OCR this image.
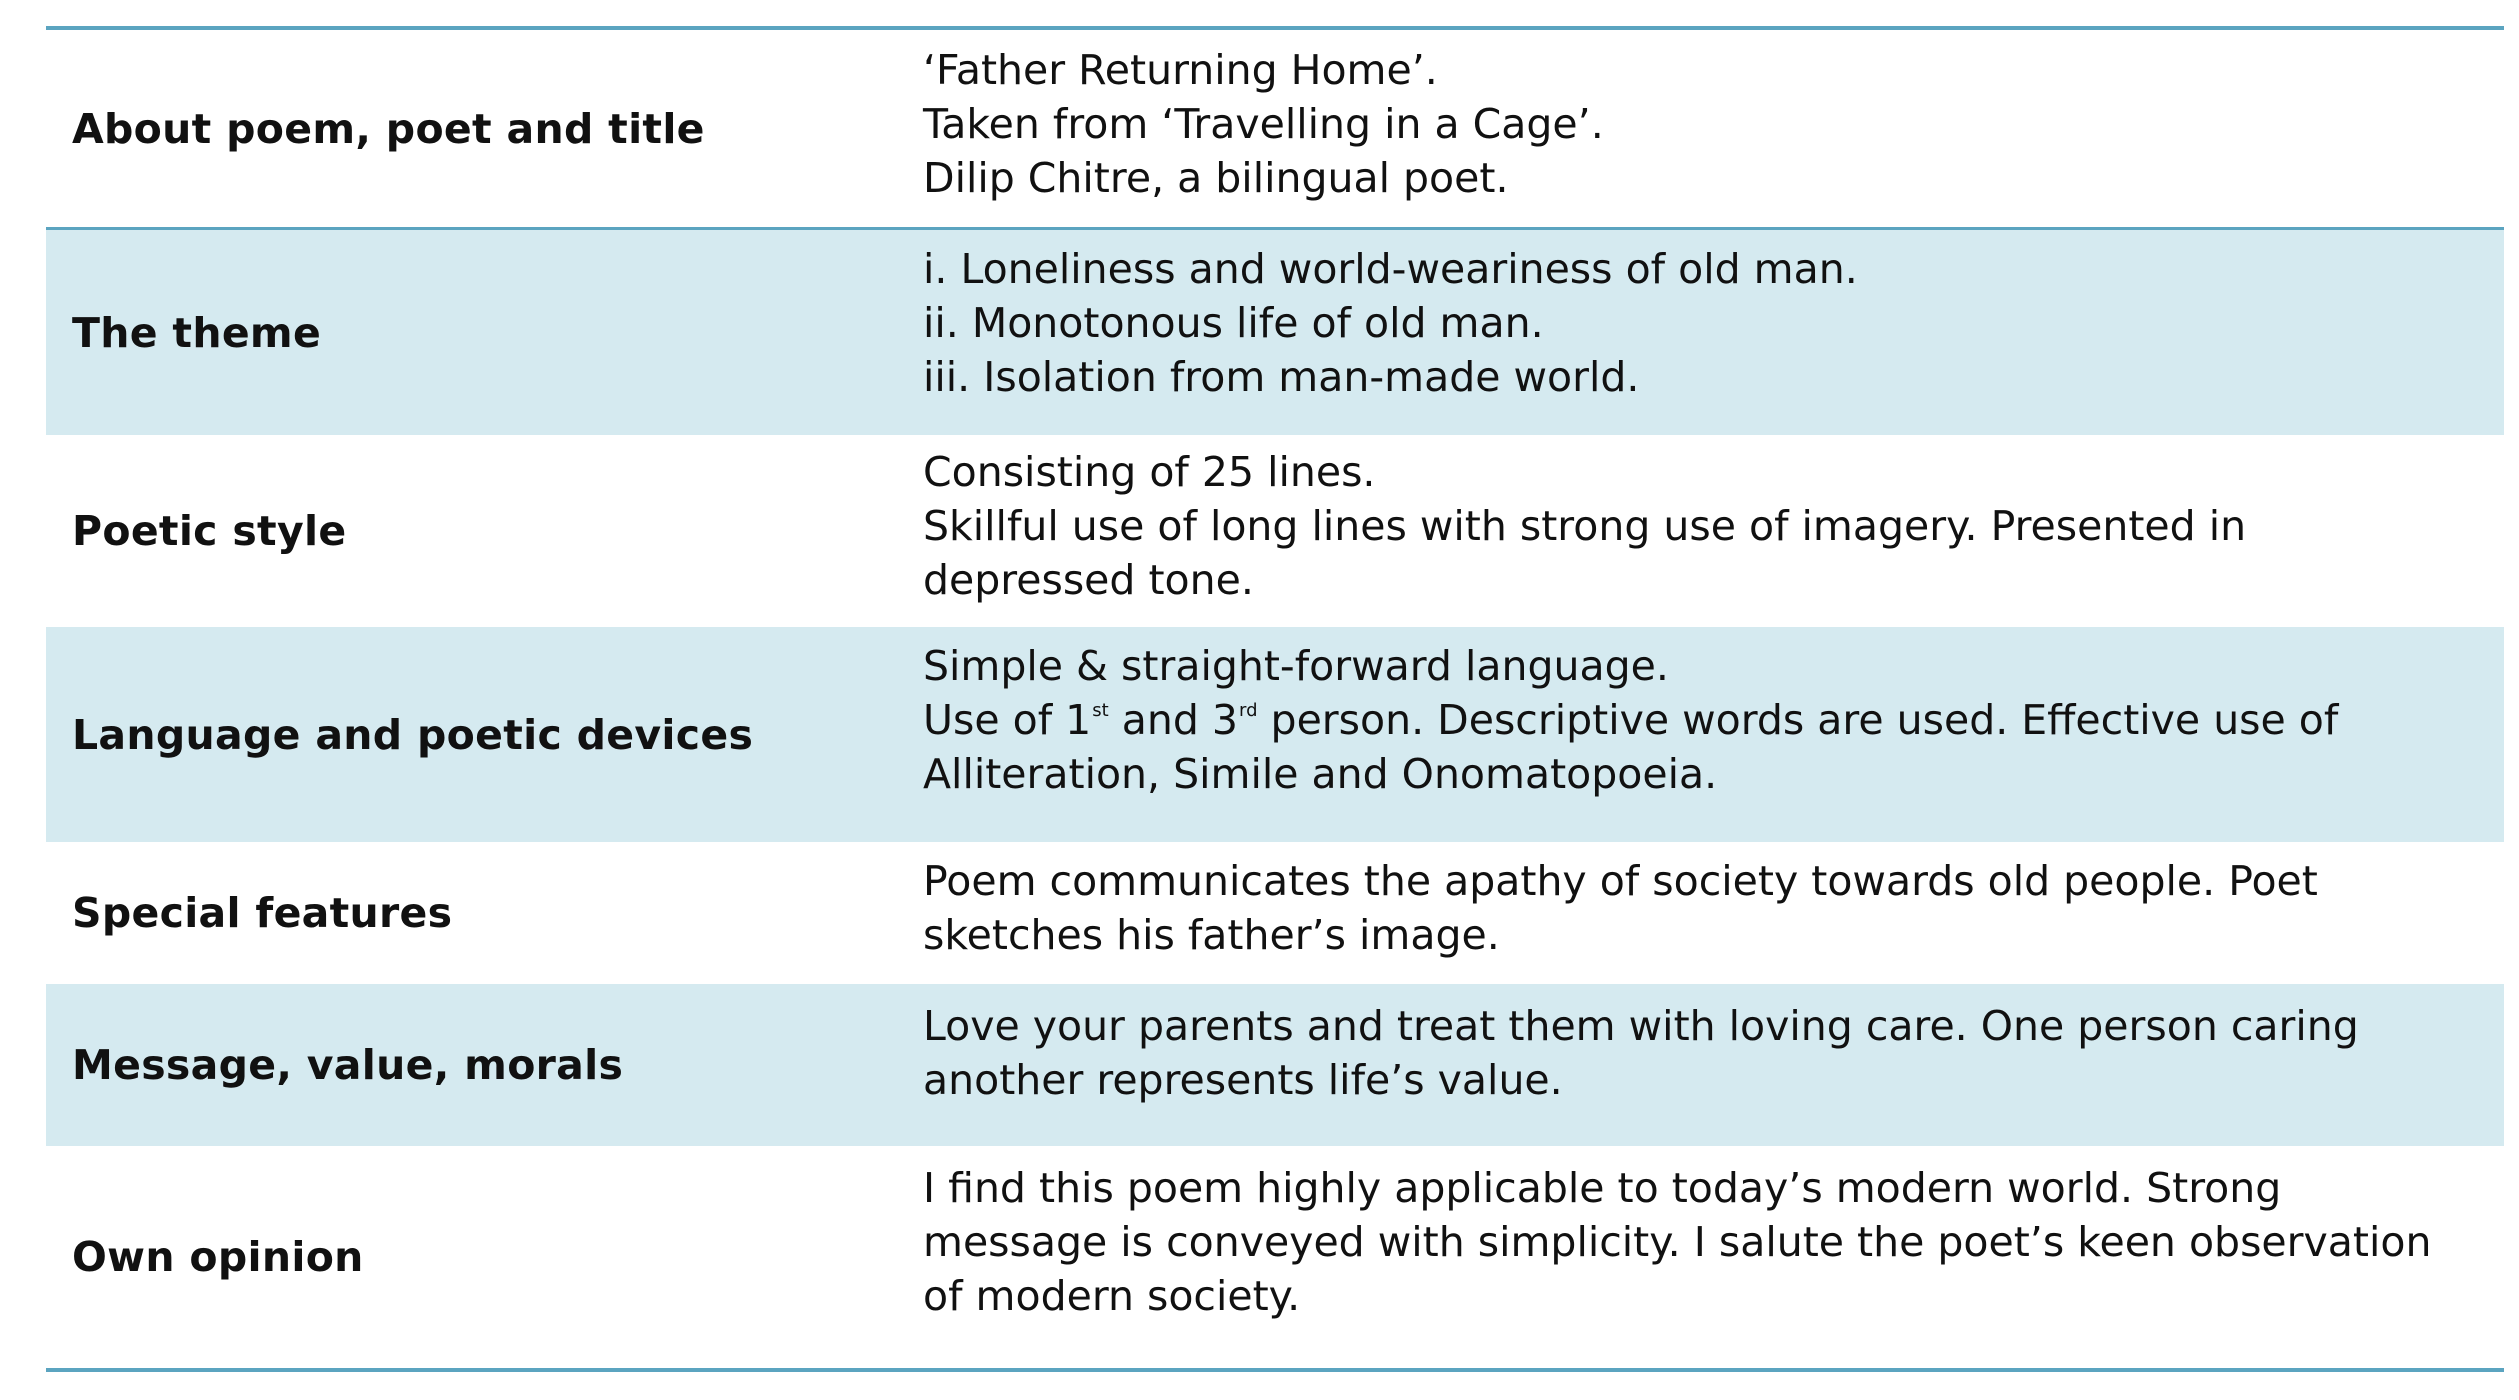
About poem, poet and title
‘Father Returning Home’.
Taken from ‘Travelling in a Cage’.
Dilip Chitre, a bilingual poet.
The theme
i. Loneliness and world-weariness of old man.
ii. Monotonous life of old man.
iii. Isolation from man-made world.
Poetic style
Consisting of 25 lines.
Skillful use of long lines with strong use of imagery. Presented in
depressed tone.
Language and poetic devices
Simple & straight-forward language.
Use of 1st and 3rd person. Descriptive words are used. Effective use of
Alliteration, Simile and Onomatopoeia.
Special features
Poem communicates the apathy of society towards old people. Poet
sketches his father’s image.
Message, value, morals
Love your parents and treat them with loving care. One person caring
another represents life’s value.
Own opinion
I find this poem highly applicable to today’s modern world. Strong
message is conveyed with simplicity. I salute the poet’s keen observation
of modern society.
